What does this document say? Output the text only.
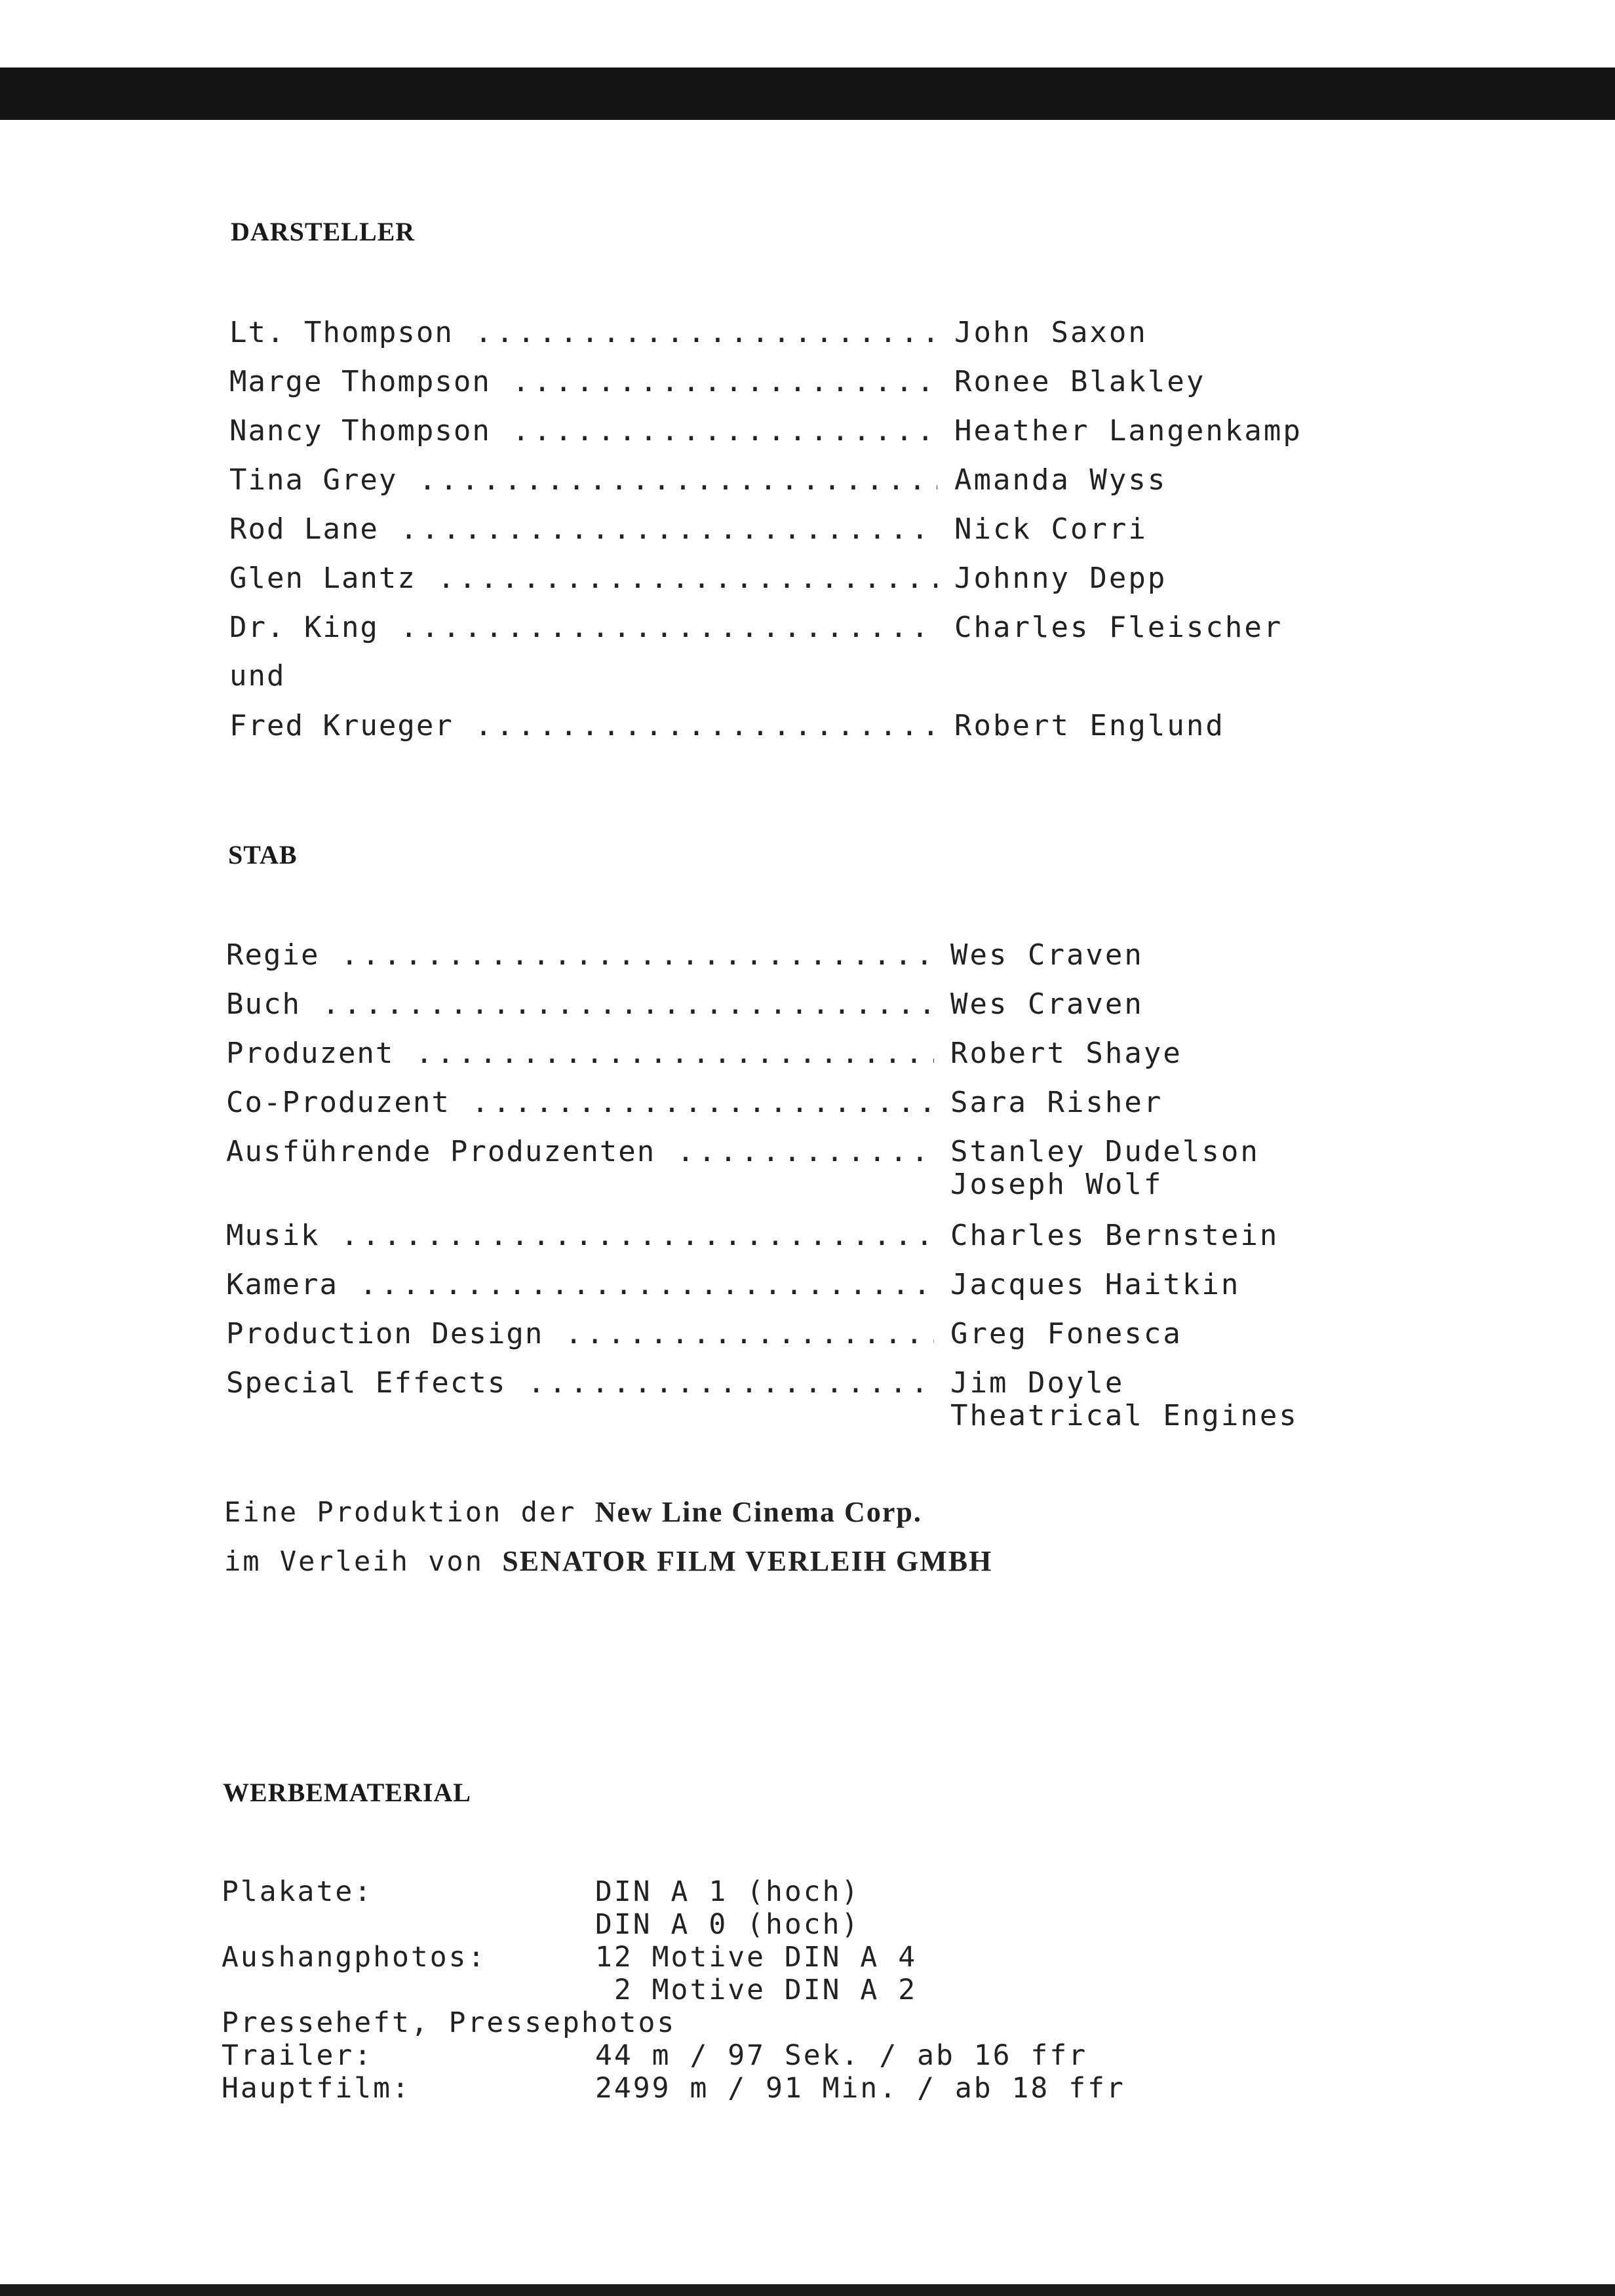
DARSTELLER
Lt. Thompson .....	John Saxon
Marge Thompson .....	Ronee Blakley
Nancy Thompson .....	Heather Langenkamp
Tina Grey .....	Amanda Wyss
Rod Lane .....	Nick Corri
Glen Lantz .....	Johnny Depp
Dr. King .....	Charles Fleischer
und
Fred Krueger .....	Robert Englund
STAB
Regie .....	Wes Craven
Buch .....	Wes Craven
Produzent .....	Robert Shaye
Co-Produzent .....	Sara Risher
Ausführende Produzenten .....	Stanley Dudelson
Joseph Wolf
Musik .....	Charles Bernstein
Kamera .....	Jacques Haitkin
Production Design .....	Greg Fonesca
Special Effects .....	Jim Doyle
Theatrical Engines
Eine Produktion der New Line Cinema Corp.
im Verleih von SENATOR FILM VERLEIH GMBH
WERBEMATERIAL
Plakate:	DIN A 1 (hoch)
DIN A 0 (hoch)
Aushangphotos:	12 Motive DIN A 4
2 Motive DIN A 2
Presseheft, Pressephotos
Trailer:	44 m / 97 Sek. / ab 16 ffr
Hauptfilm:	2499 m / 91 Min. / ab 18 ffr
